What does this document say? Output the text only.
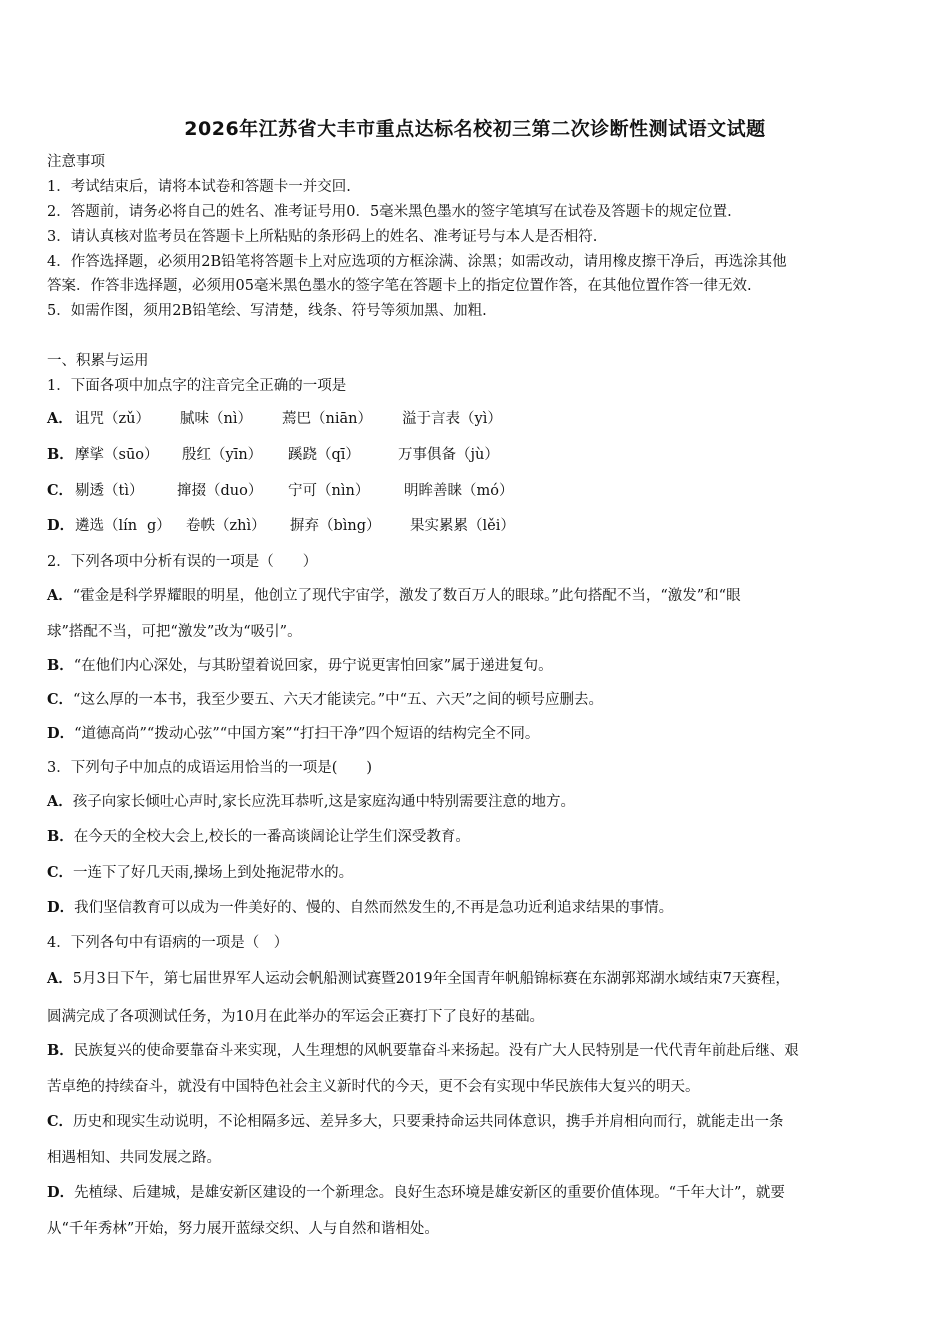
2026年江苏省大丰市重点达标名校初三第二次诊断性测试语文试题
注意事项
1．考试结束后，请将本试卷和答题卡一并交回.
2．答题前，请务必将自己的姓名、准考证号用0．5毫米黑色墨水的签字笔填写在试卷及答题卡的规定位置.
3．请认真核对监考员在答题卡上所粘贴的条形码上的姓名、准考证号与本人是否相符.
4．作答选择题，必须用2B铅笔将答题卡上对应选项的方框涂满、涂黑；如需改动，请用橡皮擦干净后，再选涂其他
答案．作答非选择题，必须用05毫米黑色墨水的签字笔在答题卡上的指定位置作答，在其他位置作答一律无效.
5．如需作图，须用2B铅笔绘、写清楚，线条、符号等须加黑、加粗.
一、积累与运用
1．下面各项中加点字的注音完全正确的一项是
A． 诅咒（zǔ） 腻味（nì） 蔫巴（niān） 溢于言表（yì）
B． 摩挲（sūo） 殷红（yīn） 蹊跷（qī）	万事俱备（jù）
C． 剔透（tì） 撺掇（duo） 宁可（nìn） 明眸善睐（mó）
D． 遴选（lín g） 卷帙（zhì） 摒弃（bìng） 果实累累（lěi）
2．下列各项中分析有误的一项是（　　）
A．“霍金是科学界耀眼的明星，他创立了现代宇宙学，激发了数百万人的眼球。”此句搭配不当，“激发”和“眼
球”搭配不当，可把“激发”改为“吸引”。
B．“在他们内心深处，与其盼望着说回家，毋宁说更害怕回家”属于递进复句。
C．“这么厚的一本书，我至少要五、六天才能读完。”中“五、六天”之间的顿号应删去。
D．“道德高尚”“拨动心弦”“中国方案”“打扫干净”四个短语的结构完全不同。
3．下列句子中加点的成语运用恰当的一项是(　　)
A．孩子向家长倾吐心声时,家长应洗耳恭听,这是家庭沟通中特别需要注意的地方。
B．在今天的全校大会上,校长的一番高谈阔论让学生们深受教育。
C．一连下了好几天雨,操场上到处拖泥带水的。
D．我们坚信教育可以成为一件美好的、慢的、自然而然发生的,不再是急功近利追求结果的事情。
4．下列各句中有语病的一项是（　）
A．5月3日下午，第七届世界军人运动会帆船测试赛暨2019年全国青年帆船锦标赛在东湖郭郑湖水域结束7天赛程，
圆满完成了各项测试任务，为10月在此举办的军运会正赛打下了良好的基础。
B．民族复兴的使命要靠奋斗来实现，人生理想的风帆要靠奋斗来扬起。没有广大人民特别是一代代青年前赴后继、艰
苦卓绝的持续奋斗，就没有中国特色社会主义新时代的今天，更不会有实现中华民族伟大复兴的明天。
C．历史和现实生动说明，不论相隔多远、差异多大，只要秉持命运共同体意识，携手并肩相向而行，就能走出一条
相遇相知、共同发展之路。
D．先植绿、后建城，是雄安新区建设的一个新理念。良好生态环境是雄安新区的重要价值体现。“千年大计”，就要
从“千年秀林”开始，努力展开蓝绿交织、人与自然和谐相处。
